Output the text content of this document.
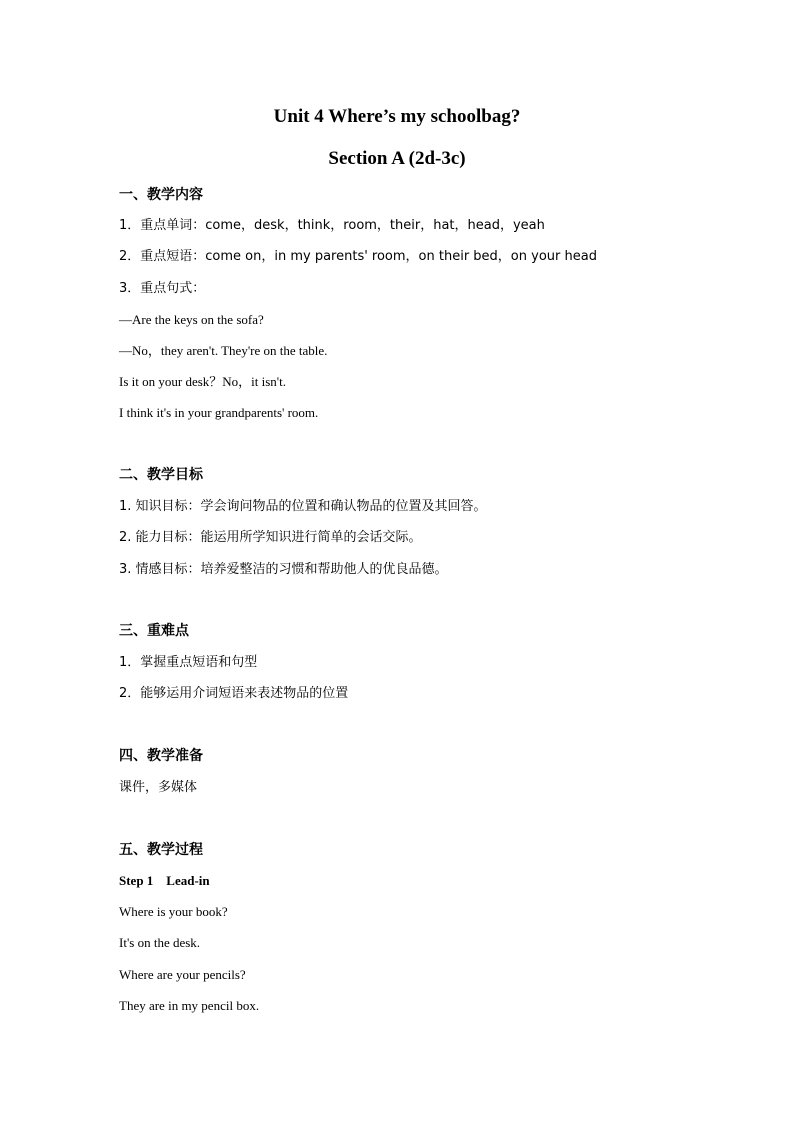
Unit 4 Where’s my schoolbag?
Section A (2d-3c)
一、教学内容
1．重点单词：come，desk，think，room，their，hat，head，yeah
2．重点短语：come on，in my parents' room，on their bed，on your head
3．重点句式：
—Are the keys on the sofa?
—No，they aren't. They're on the table.
Is it on your desk？No，it isn't.
I think it's in your grandparents' room.
二、教学目标
1. 知识目标：学会询问物品的位置和确认物品的位置及其回答。
2. 能力目标：能运用所学知识进行简单的会话交际。
3. 情感目标：培养爱整洁的习惯和帮助他人的优良品德。
三、重难点
1．掌握重点短语和句型
2．能够运用介词短语来表述物品的位置
四、教学准备
课件，多媒体
五、教学过程
Step 1    Lead-in
Where is your book?
It's on the desk.
Where are your pencils?
They are in my pencil box.
